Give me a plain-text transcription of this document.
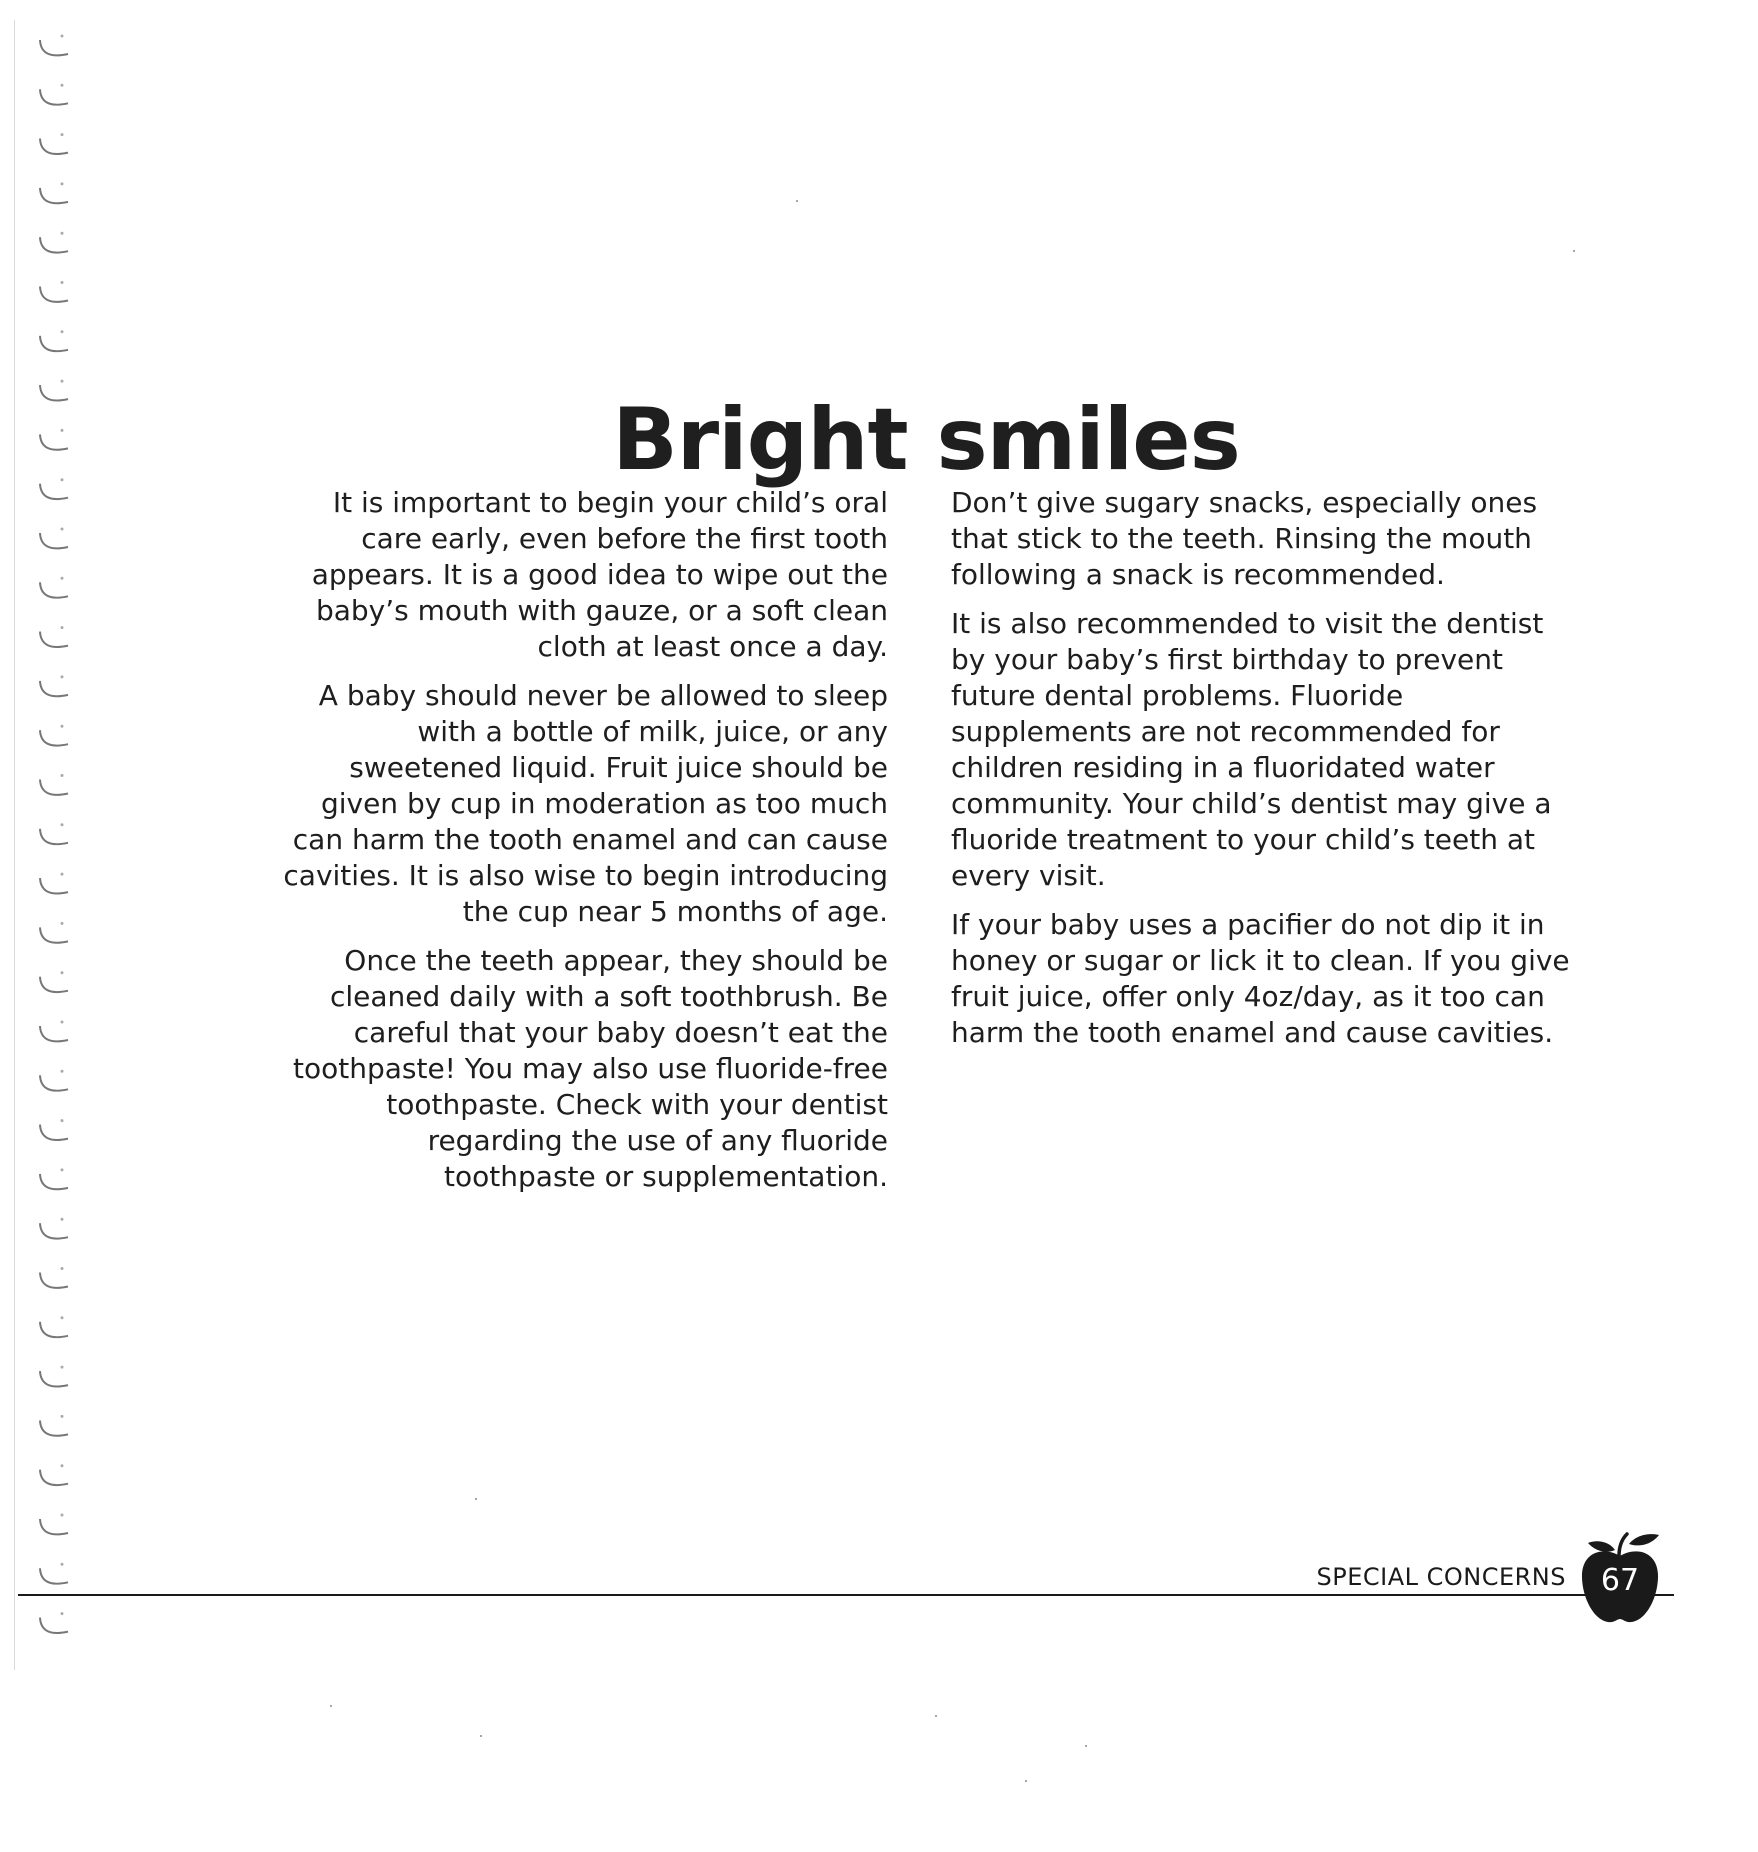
Bright smiles

It is important to begin your child’s oral care early, even before the first tooth appears. It is a good idea to wipe out the baby’s mouth with gauze, or a soft clean cloth at least once a day.

A baby should never be allowed to sleep with a bottle of milk, juice, or any sweetened liquid. Fruit juice should be given by cup in moderation as too much can harm the tooth enamel and can cause cavities. It is also wise to begin introducing the cup near 5 months of age.

Once the teeth appear, they should be cleaned daily with a soft toothbrush. Be careful that your baby doesn’t eat the toothpaste! You may also use fluoride-free toothpaste. Check with your dentist regarding the use of any fluoride toothpaste or supplementation.

Don’t give sugary snacks, especially ones that stick to the teeth. Rinsing the mouth following a snack is recommended.

It is also recommended to visit the dentist by your baby’s first birthday to prevent future dental problems. Fluoride supplements are not recommended for children residing in a fluoridated water community. Your child’s dentist may give a fluoride treatment to your child’s teeth at every visit.

If your baby uses a pacifier do not dip it in honey or sugar or lick it to clean. If you give fruit juice, offer only 4oz/day, as it too can harm the tooth enamel and cause cavities.

SPECIAL CONCERNS	67
